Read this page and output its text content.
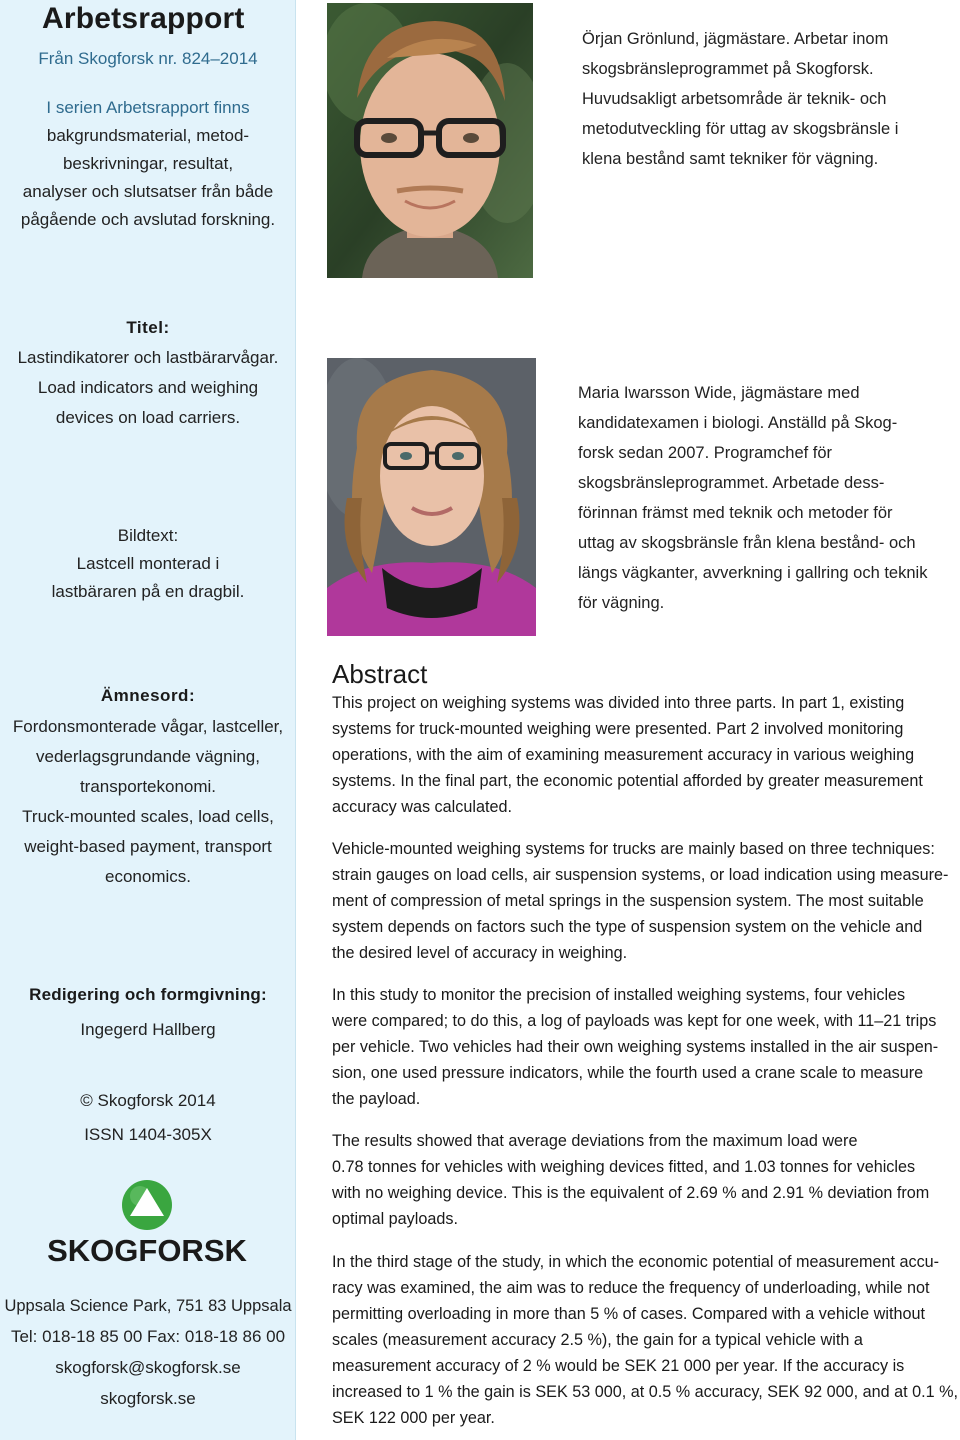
Arbetsrapport
Från Skogforsk nr. 824–2014
I serien Arbetsrapport finns
bakgrundsmaterial, metod-
beskrivningar, resultat,
analyser och slutsatser från både
pågående och avslutad forskning.
Titel:
Lastindikatorer och lastbärarvågar.
Load indicators and weighing
devices on load carriers.
Bildtext:
Lastcell monterad i
lastbäraren på en dragbil.
Ämnesord:
Fordonsmonterade vågar, lastceller,
vederlagsgrundande vägning,
transportekonomi.
Truck-mounted scales, load cells,
weight-based payment, transport
economics.
Redigering och formgivning:
Ingegerd Hallberg
© Skogforsk 2014
ISSN 1404-305X
SKOGFORSK
Uppsala Science Park, 751 83 Uppsala
Tel: 018-18 85 00 Fax: 018-18 86 00
skogforsk@skogforsk.se
skogforsk.se
Örjan Grönlund, jägmästare. Arbetar inom
skogsbränsleprogrammet på Skogforsk.
Huvudsakligt arbetsområde är teknik- och
metodutveckling för uttag av skogsbränsle i
klena bestånd samt tekniker för vägning.
Maria Iwarsson Wide, jägmästare med
kandidatexamen i biologi. Anställd på Skog-
forsk sedan 2007. Programchef för
skogsbränsleprogrammet. Arbetade dess-
förinnan främst med teknik och metoder för
uttag av skogsbränsle från klena bestånd- och
längs vägkanter, avverkning i gallring och teknik
för vägning.
Abstract
This project on weighing systems was divided into three parts. In part 1, existing
systems for truck-mounted weighing were presented. Part 2 involved monitoring
operations, with the aim of examining measurement accuracy in various weighing
systems. In the final part, the economic potential afforded by greater measurement
accuracy was calculated.
Vehicle-mounted weighing systems for trucks are mainly based on three techniques:
strain gauges on load cells, air suspension systems, or load indication using measure-
ment of compression of metal springs in the suspension system. The most suitable
system depends on factors such the type of suspension system on the vehicle and
the desired level of accuracy in weighing.
In this study to monitor the precision of installed weighing systems, four vehicles
were compared; to do this, a log of payloads was kept for one week, with 11–21 trips
per vehicle. Two vehicles had their own weighing systems installed in the air suspen-
sion, one used pressure indicators, while the fourth used a crane scale to measure
the payload.
The results showed that average deviations from the maximum load were
0.78 tonnes for vehicles with weighing devices fitted, and 1.03 tonnes for vehicles
with no weighing device. This is the equivalent of 2.69 % and 2.91 % deviation from
optimal payloads.
In the third stage of the study, in which the economic potential of measurement accu-
racy was examined, the aim was to reduce the frequency of underloading, while not
permitting overloading in more than 5 % of cases. Compared with a vehicle without
scales (measurement accuracy 2.5 %), the gain for a typical vehicle with a
measurement accuracy of 2 % would be SEK 21 000 per year. If the accuracy is
increased to 1 % the gain is SEK 53 000, at 0.5 % accuracy, SEK 92 000, and at 0.1 %,
SEK 122 000 per year.
